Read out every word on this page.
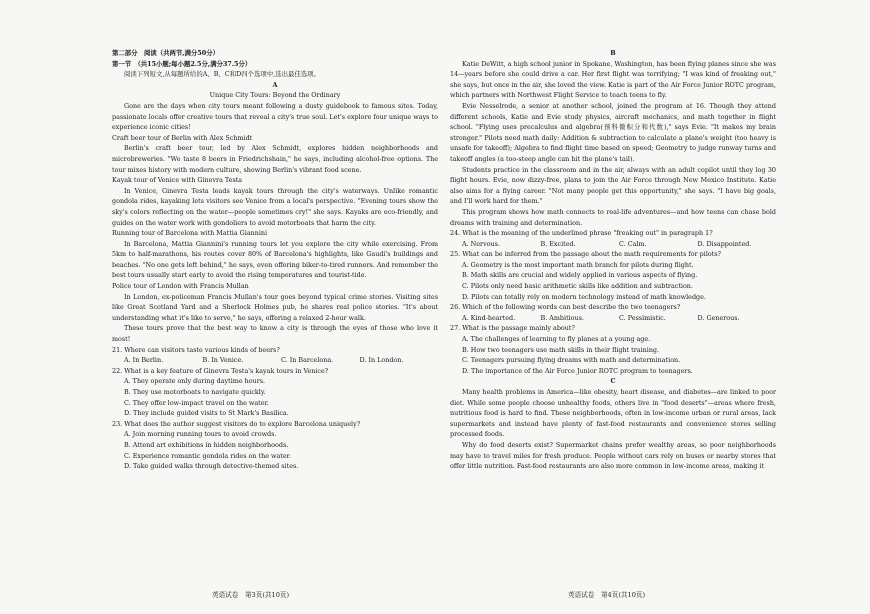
第二部分　阅读（共两节,满分50分）
第一节　（共15小题;每小题2.5分,满分37.5分）
阅读下列短文,从每题所给的A、B、C和D四个选项中,选出最佳选项。
A
Unique City Tours: Beyond the Ordinary

Gone are the days when city tours meant following a dusty guidebook to famous sites. Today, passionate locals offer creative tours that reveal a city's true soul. Let's explore four unique ways to experience iconic cities!

Craft beer tour of Berlin with Alex Schmidt

Berlin's craft beer tour, led by Alex Schmidt, explores hidden neighborhoods and microbreweries. "We taste 8 beers in Friedrichshain," he says, including alcohol-free options. The tour mixes history with modern culture, showing Berlin's vibrant food scene.

Kayak tour of Venice with Ginevra Testa

In Venice, Ginevra Testa leads kayak tours through the city's waterways. Unlike romantic gondola rides, kayaking lets visitors see Venice from a local's perspective. "Evening tours show the sky's colors reflecting on the water—people sometimes cry!" she says. Kayaks are eco-friendly, and guides on the water work with gondoliers to avoid motorboats that harm the city.

Running tour of Barcelona with Mattia Giannini

In Barcelona, Mattia Giannini's running tours let you explore the city while exercising. From 5km to half-marathons, his routes cover 80% of Barcelona's highlights, like Gaudí's buildings and beaches. "No one gets left behind," he says, even offering biker-to-tired runners. And remember the best tours usually start early to avoid the rising temperatures and tourist-tide.

Police tour of London with Francis Mullan

In London, ex-policeman Francis Mullan's tour goes beyond typical crime stories. Visiting sites like Great Scotland Yard and a Sherlock Holmes pub, he shares real police stories. "It's about understanding what it's like to serve," he says, offering a relaxed 2-hour walk.

These tours prove that the best way to know a city is through the eyes of those who love it most!

21. Where can visitors taste various kinds of beers?
A. In Berlin.	B. In Venice.	C. In Barcelona.	D. In London.
22. What is a key feature of Ginevra Testa's kayak tours in Venice?
A. They operate only during daytime hours.
B. They use motorboats to navigate quickly.
C. They offer low-impact travel on the water.
D. They include guided visits to St Mark's Basilica.
23. What does the author suggest visitors do to explore Barcelona uniquely?
A. Join morning running tours to avoid crowds.
B. Attend art exhibitions in hidden neighborhoods.
C. Experience romantic gondola rides on the water.
D. Take guided walks through detective-themed sites.
B

Katie DeWitt, a high school junior in Spokane, Washington, has been flying planes since she was 14—years before she could drive a car. Her first flight was terrifying; "I was kind of freaking out," she says, but once in the air, she loved the view. Katie is part of the Air Force Junior ROTC program, which partners with Northwest Flight Service to teach teens to fly.

Evie Nesselrode, a senior at another school, joined the program at 16. Though they attend different schools, Katie and Evie study physics, aircraft mechanics, and math together in flight school. "Flying uses precalculus and algebra(预科微积分和代数)," says Evie. "It makes my brain stronger." Pilots need math daily: Addition & subtraction to calculate a plane's weight (too heavy is unsafe for takeoff); Algebra to find flight time based on speed; Geometry to judge runway turns and takeoff angles (a too-steep angle can hit the plane's tail).

Students practice in the classroom and in the air, always with an adult copilot until they log 30 flight hours. Evie, now dizzy-free, plans to join the Air Force through New Mexico Institute. Katie also aims for a flying career. "Not many people get this opportunity," she says. "I have big goals, and I'll work hard for them."

This program shows how math connects to real-life adventures—and how teens can chase bold dreams with training and determination.

24. What is the meaning of the underlined phrase "freaking out" in paragraph 1?
A. Nervous.	B. Excited.	C. Calm.	D. Disappointed.
25. What can be inferred from the passage about the math requirements for pilots?
A. Geometry is the most important math branch for pilots during flight.
B. Math skills are crucial and widely applied in various aspects of flying.
C. Pilots only need basic arithmetic skills like addition and subtraction.
D. Pilots can totally rely on modern technology instead of math knowledge.
26. Which of the following words can best describe the two teenagers?
A. Kind-hearted.	B. Ambitious.	C. Pessimistic.	D. Generous.
27. What is the passage mainly about?
A. The challenges of learning to fly planes at a young age.
B. How two teenagers use math skills in their flight training.
C. Teenagers pursuing flying dreams with math and determination.
D. The importance of the Air Force Junior ROTC program to teenagers.
C

Many health problems in America—like obesity, heart disease, and diabetes—are linked to poor diet. While some people choose unhealthy foods, others live in "food deserts"—areas where fresh, nutritious food is hard to find. These neighborhoods, often in low-income urban or rural areas, lack supermarkets and instead have plenty of fast-food restaurants and convenience stores selling processed foods.

Why do food deserts exist? Supermarket chains prefer wealthy areas, so poor neighborhoods may have to travel miles for fresh produce. People without cars rely on buses or nearby stores that offer little nutrition. Fast-food restaurants are also more common in low-income areas, making it

英语试卷　第3页(共10页)	英语试卷　第4页(共10页)
